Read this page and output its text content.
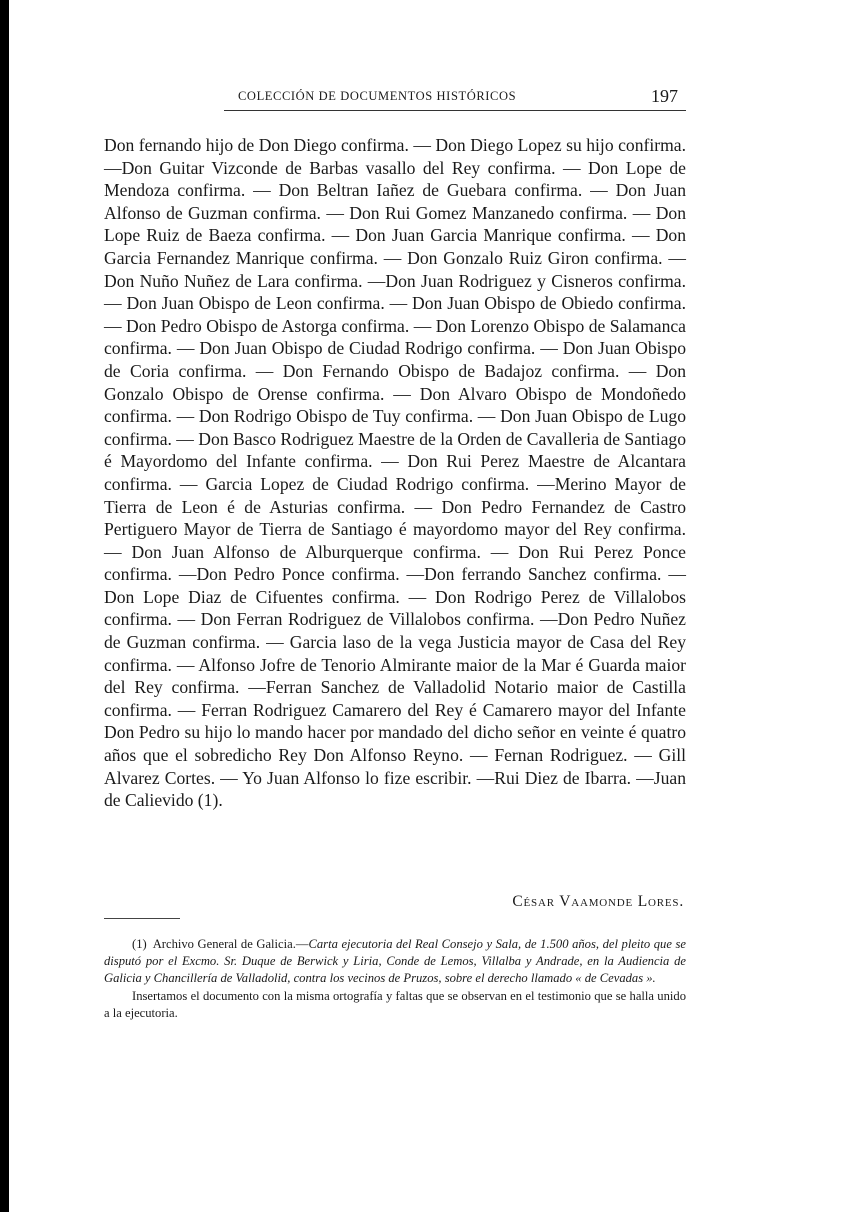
COLECCIÓN DE DOCUMENTOS HISTÓRICOS	197

Don fernando hijo de Don Diego confirma. — Don Diego Lopez su hijo confirma. —Don Guitar Vizconde de Barbas vasallo del Rey confirma. — Don Lope de Mendoza confirma. — Don Beltran Iañez de Guebara confirma. — Don Juan Alfonso de Guzman confirma. — Don Rui Gomez Manzanedo confirma. — Don Lope Ruiz de Baeza confirma. — Don Juan Garcia Manrique confirma. — Don Garcia Fernandez Manrique confirma. — Don Gonzalo Ruiz Giron confirma. — Don Nuño Nuñez de Lara confirma. —Don Juan Rodriguez y Cisneros confirma. — Don Juan Obispo de Leon confirma. — Don Juan Obispo de Obiedo confirma. — Don Pedro Obispo de Astorga confirma. — Don Lorenzo Obispo de Salamanca confirma. — Don Juan Obispo de Ciudad Rodrigo confirma. — Don Juan Obispo de Coria confirma. — Don Fernando Obispo de Badajoz confirma. — Don Gonzalo Obispo de Orense confirma. — Don Alvaro Obispo de Mondoñedo confirma. — Don Rodrigo Obispo de Tuy confirma. — Don Juan Obispo de Lugo confirma. — Don Basco Rodriguez Maestre de la Orden de Cavalleria de Santiago é Mayordomo del Infante confirma. — Don Rui Perez Maestre de Alcantara confirma. — Garcia Lopez de Ciudad Rodrigo confirma. —Merino Mayor de Tierra de Leon é de Asturias confirma. — Don Pedro Fernandez de Castro Pertiguero Mayor de Tierra de Santiago é mayordomo mayor del Rey confirma. — Don Juan Alfonso de Alburquerque confirma. — Don Rui Perez Ponce confirma. —Don Pedro Ponce confirma. —Don ferrando Sanchez confirma. — Don Lope Diaz de Cifuentes confirma. — Don Rodrigo Perez de Villalobos confirma. — Don Ferran Rodriguez de Villalobos confirma. —Don Pedro Nuñez de Guzman confirma. — Garcia laso de la vega Justicia mayor de Casa del Rey confirma. — Alfonso Jofre de Tenorio Almirante maior de la Mar é Guarda maior del Rey confirma. —Ferran Sanchez de Valladolid Notario maior de Castilla confirma. — Ferran Rodriguez Camarero del Rey é Camarero mayor del Infante Don Pedro su hijo lo mando hacer por mandado del dicho señor en veinte é quatro años que el sobredicho Rey Don Alfonso Reyno. — Fernan Rodriguez. — Gill Alvarez Cortes. — Yo Juan Alfonso lo fize escribir. —Rui Diez de Ibarra. —Juan de Calievido (1).

César Vaamonde Lores.

(1) Archivo General de Galicia.—Carta ejecutoria del Real Consejo y Sala, de 1.500 años, del pleito que se disputó por el Excmo. Sr. Duque de Berwick y Liria, Conde de Lemos, Villalba y Andrade, en la Audiencia de Galicia y Chancillería de Valladolid, contra los vecinos de Pruzos, sobre el derecho llamado « de Cevadas ».

Insertamos el documento con la misma ortografía y faltas que se observan en el testimonio que se halla unido a la ejecutoria.
